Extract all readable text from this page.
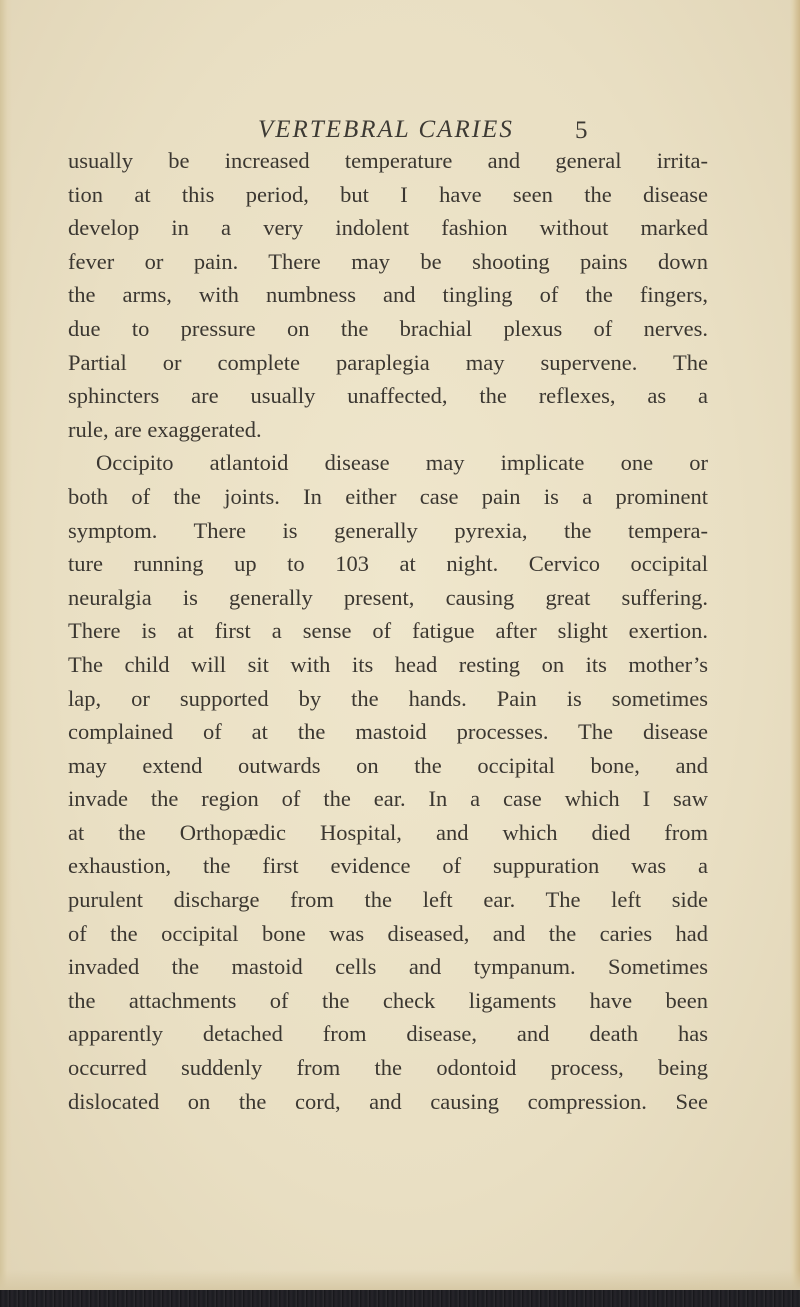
VERTEBRAL CARIES 5
usually be increased temperature and general irrita-
tion at this period, but I have seen the disease
develop in a very indolent fashion without marked
fever or pain. There may be shooting pains down
the arms, with numbness and tingling of the fingers,
due to pressure on the brachial plexus of nerves.
Partial or complete paraplegia may supervene. The
sphincters are usually unaffected, the reflexes, as a
rule, are exaggerated.
Occipito atlantoid disease may implicate one or
both of the joints. In either case pain is a prominent
symptom. There is generally pyrexia, the tempera-
ture running up to 103 at night. Cervico occipital
neuralgia is generally present, causing great suffering.
There is at first a sense of fatigue after slight exertion.
The child will sit with its head resting on its mother’s
lap, or supported by the hands. Pain is sometimes
complained of at the mastoid processes. The disease
may extend outwards on the occipital bone, and
invade the region of the ear. In a case which I saw
at the Orthopædic Hospital, and which died from
exhaustion, the first evidence of suppuration was a
purulent discharge from the left ear. The left side
of the occipital bone was diseased, and the caries had
invaded the mastoid cells and tympanum. Sometimes
the attachments of the check ligaments have been
apparently detached from disease, and death has
occurred suddenly from the odontoid process, being
dislocated on the cord, and causing compression. See
